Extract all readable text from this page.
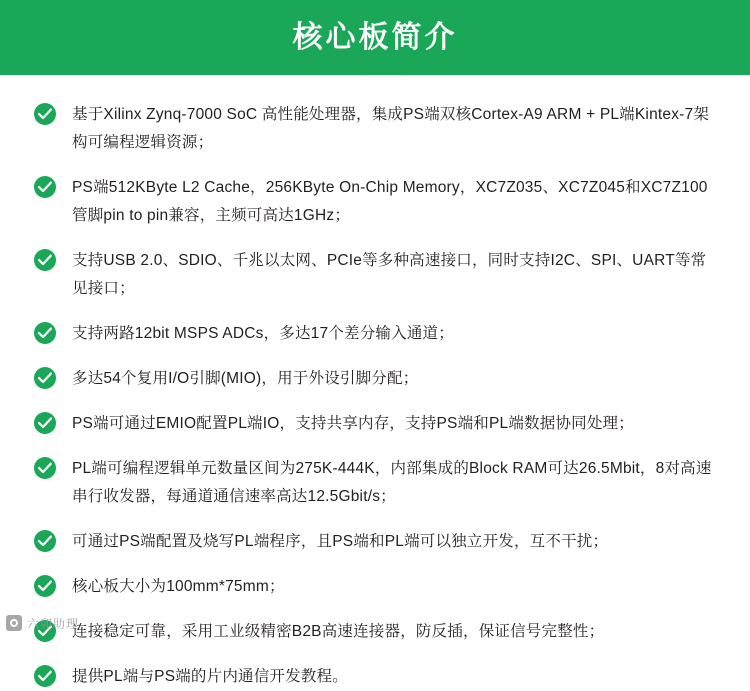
核心板简介
基于Xilinx Zynq-7000 SoC 高性能处理器，集成PS端双核Cortex-A9 ARM + PL端Kintex-7架构可编程逻辑资源；
PS端512KByte L2 Cache，256KByte On-Chip Memory，XC7Z035、XC7Z045和XC7Z100管脚pin to pin兼容，主频可高达1GHz；
支持USB 2.0、SDIO、千兆以太网、PCIe等多种高速接口，同时支持I2C、SPI、UART等常见接口；
支持两路12bit MSPS ADCs，多达17个差分输入通道；
多达54个复用I/O引脚(MIO)，用于外设引脚分配；
PS端可通过EMIO配置PL端IO，支持共享内存，支持PS端和PL端数据协同处理；
PL端可编程逻辑单元数量区间为275K-444K，内部集成的Block RAM可达26.5Mbit，8对高速串行收发器，每通道通信速率高达12.5Gbit/s；
可通过PS端配置及烧写PL端程序，且PS端和PL端可以独立开发，互不干扰；
核心板大小为100mm*75mm；
连接稳定可靠，采用工业级精密B2B高速连接器，防反插，保证信号完整性；
提供PL端与PS端的片内通信开发教程。
六卯助理
